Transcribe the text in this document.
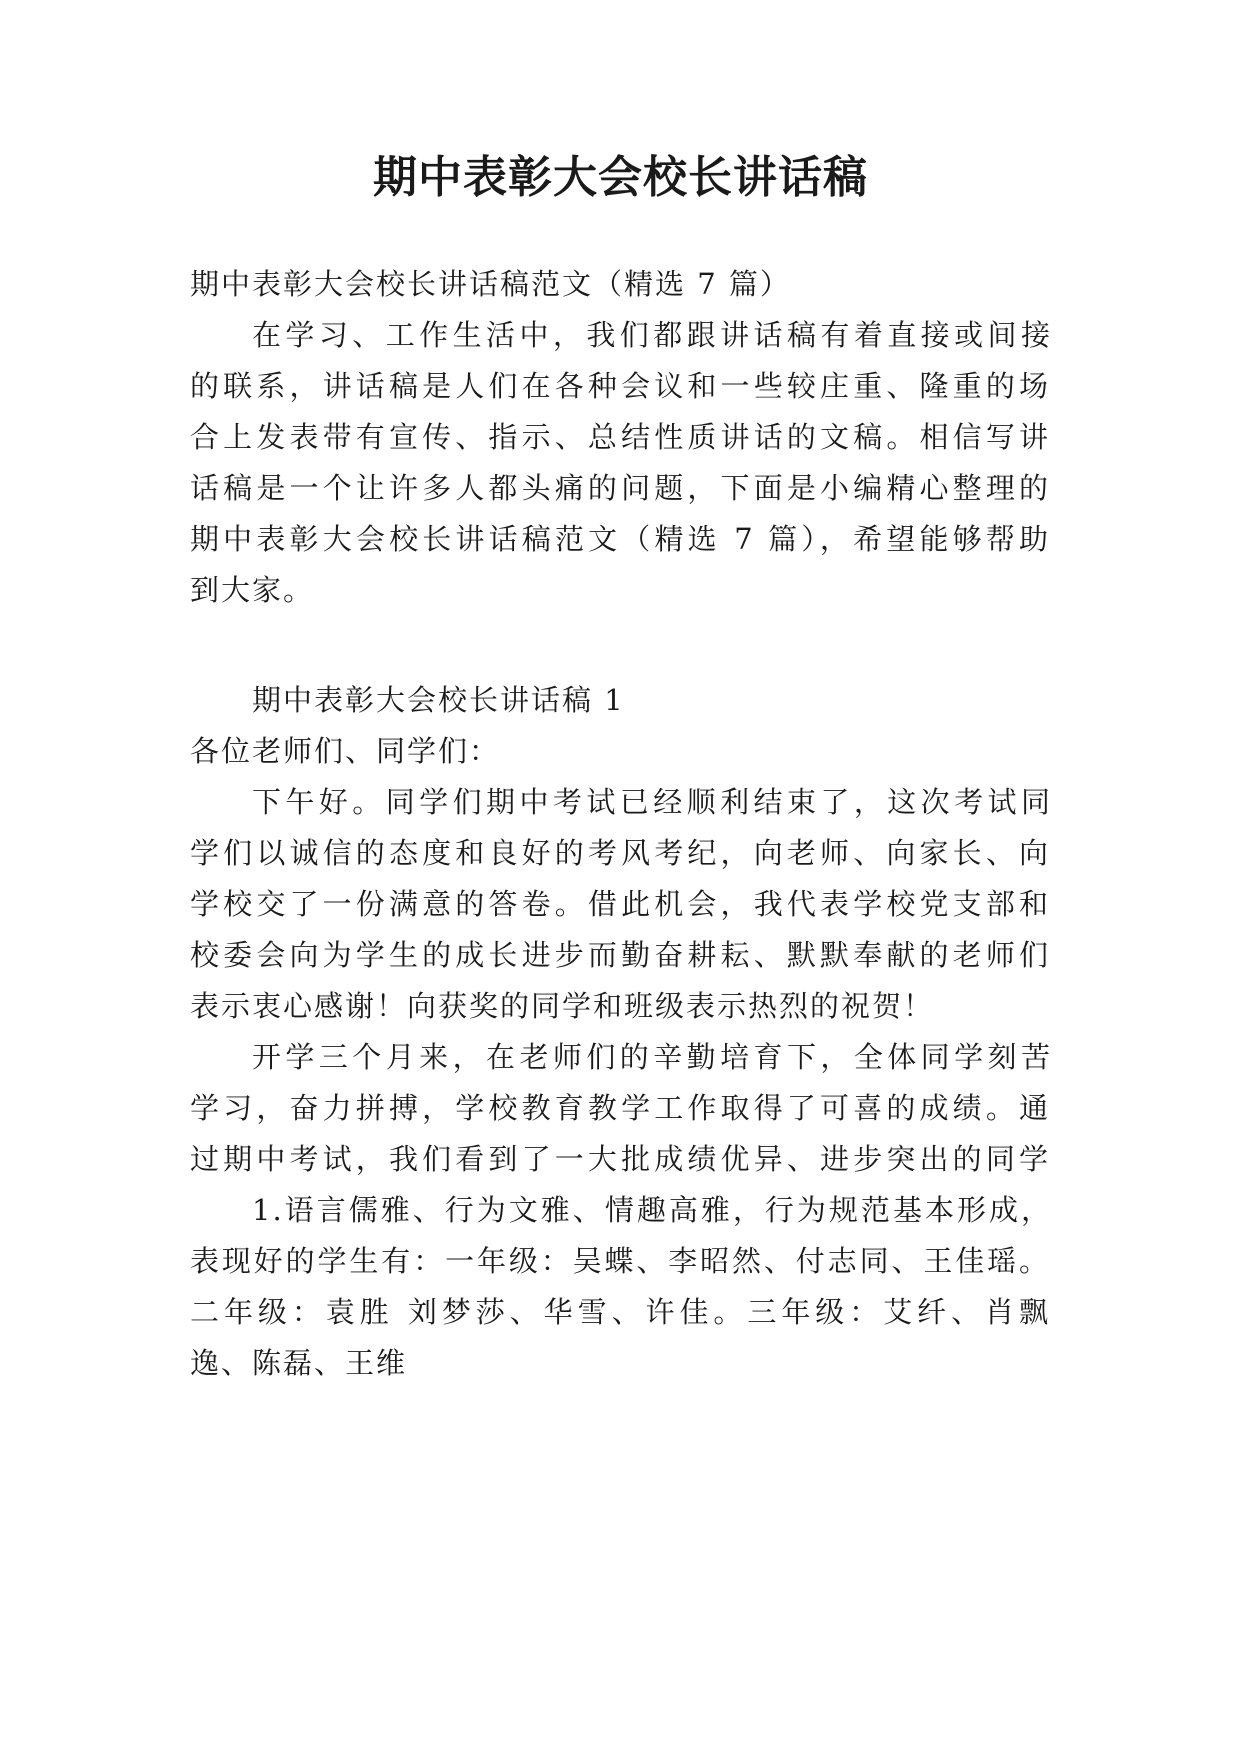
期中表彰大会校长讲话稿

期中表彰大会校长讲话稿范文（精选 7 篇）

在学习、工作生活中，我们都跟讲话稿有着直接或间接

的联系，讲话稿是人们在各种会议和一些较庄重、隆重的场

合上发表带有宣传、指示、总结性质讲话的文稿。相信写讲

话稿是一个让许多人都头痛的问题，下面是小编精心整理的

期中表彰大会校长讲话稿范文（精选 7 篇），希望能够帮助

到大家。

期中表彰大会校长讲话稿 1

各位老师们、同学们：

下午好。同学们期中考试已经顺利结束了，这次考试同

学们以诚信的态度和良好的考风考纪，向老师、向家长、向

学校交了一份满意的答卷。借此机会，我代表学校党支部和

校委会向为学生的成长进步而勤奋耕耘、默默奉献的老师们

表示衷心感谢！向获奖的同学和班级表示热烈的祝贺！

开学三个月来，在老师们的辛勤培育下，全体同学刻苦

学习，奋力拼搏，学校教育教学工作取得了可喜的成绩。通

过期中考试，我们看到了一大批成绩优异、进步突出的同学

1.语言儒雅、行为文雅、情趣高雅，行为规范基本形成，

表现好的学生有：一年级：吴蝶、李昭然、付志同、王佳瑶。

二年级：袁胜 刘梦莎、华雪、许佳。三年级：艾纤、肖飘

逸、陈磊、王维
